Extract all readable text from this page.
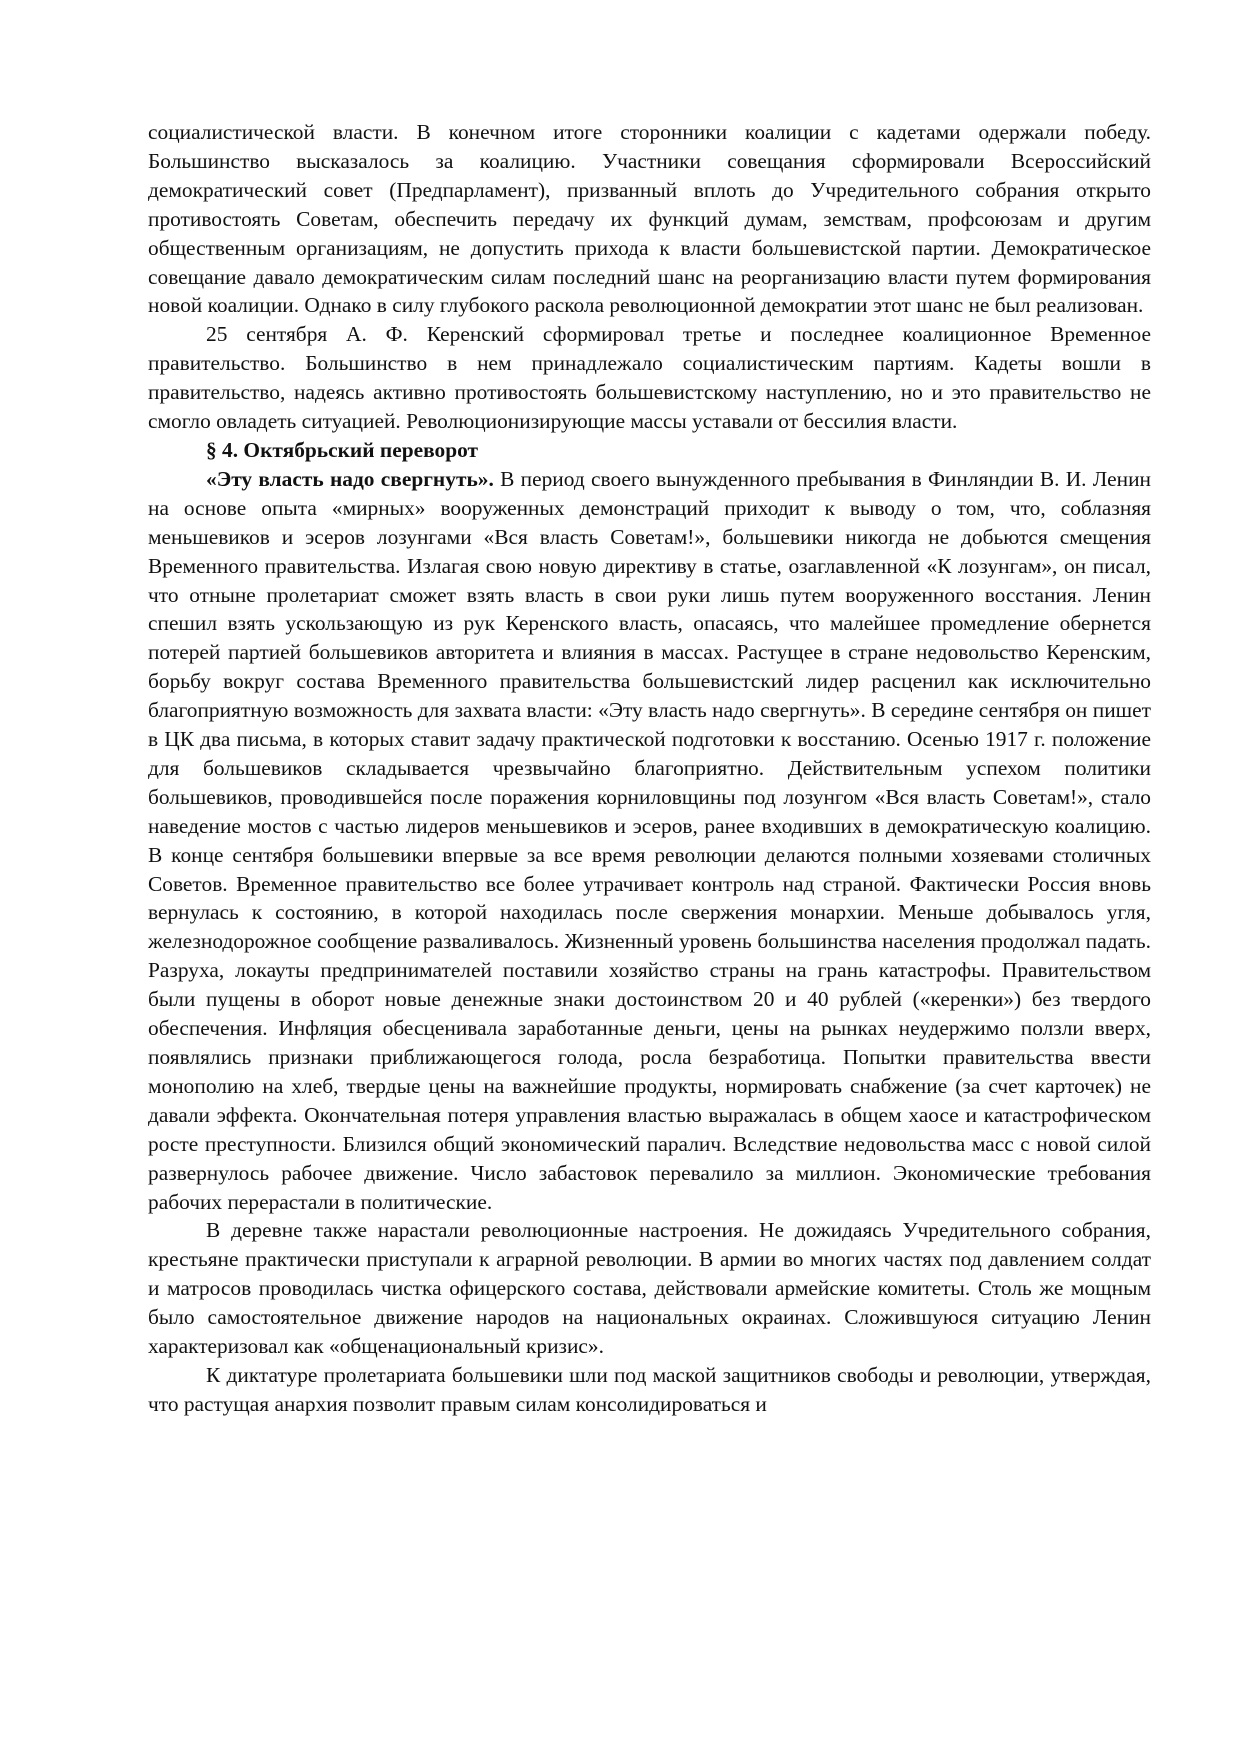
социалистической власти. В конечном итоге сторонники коалиции с кадетами одержали победу. Большинство высказалось за коалицию. Участники совещания сформировали Всероссийский демократический совет (Предпарламент), призванный вплоть до Учредительного собрания открыто противостоять Советам, обеспечить передачу их функций думам, земствам, профсоюзам и другим общественным организациям, не допустить прихода к власти большевистской партии. Демократическое совещание давало демократическим силам последний шанс на реорганизацию власти путем формирования новой коалиции. Однако в силу глубокого раскола революционной демократии этот шанс не был реализован.

25 сентября А. Ф. Керенский сформировал третье и последнее коалиционное Временное правительство. Большинство в нем принадлежало социалистическим партиям. Кадеты вошли в правительство, надеясь активно противостоять большевистскому наступлению, но и это правительство не смогло овладеть ситуацией. Революционизирующие массы уставали от бессилия власти.

§ 4. Октябрьский переворот

«Эту власть надо свергнуть». В период своего вынужденного пребывания в Финляндии В. И. Ленин на основе опыта «мирных» вооруженных демонстраций приходит к выводу о том, что, соблазняя меньшевиков и эсеров лозунгами «Вся власть Советам!», большевики никогда не добьются смещения Временного правительства. Излагая свою новую директиву в статье, озаглавленной «К лозунгам», он писал, что отныне пролетариат сможет взять власть в свои руки лишь путем вооруженного восстания. Ленин спешил взять ускользающую из рук Керенского власть, опасаясь, что малейшее промедление обернется потерей партией большевиков авторитета и влияния в массах. Растущее в стране недовольство Керенским, борьбу вокруг состава Временного правительства большевистский лидер расценил как исключительно благоприятную возможность для захвата власти: «Эту власть надо свергнуть». В середине сентября он пишет в ЦК два письма, в которых ставит задачу практической подготовки к восстанию. Осенью 1917 г. положение для большевиков складывается чрезвычайно благоприятно. Действительным успехом политики большевиков, проводившейся после поражения корниловщины под лозунгом «Вся власть Советам!», стало наведение мостов с частью лидеров меньшевиков и эсеров, ранее входивших в демократическую коалицию. В конце сентября большевики впервые за все время революции делаются полными хозяевами столичных Советов. Временное правительство все более утрачивает контроль над страной. Фактически Россия вновь вернулась к состоянию, в которой находилась после свержения монархии. Меньше добывалось угля, железнодорожное сообщение разваливалось. Жизненный уровень большинства населения продолжал падать. Разруха, локауты предпринимателей поставили хозяйство страны на грань катастрофы. Правительством были пущены в оборот новые денежные знаки достоинством 20 и 40 рублей («керенки») без твердого обеспечения. Инфляция обесценивала заработанные деньги, цены на рынках неудержимо ползли вверх, появлялись признаки приближающегося голода, росла безработица. Попытки правительства ввести монополию на хлеб, твердые цены на важнейшие продукты, нормировать снабжение (за счет карточек) не давали эффекта. Окончательная потеря управления властью выражалась в общем хаосе и катастрофическом росте преступности. Близился общий экономический паралич. Вследствие недовольства масс с новой силой развернулось рабочее движение. Число забастовок перевалило за миллион. Экономические требования рабочих перерастали в политические.

В деревне также нарастали революционные настроения. Не дожидаясь Учредительного собрания, крестьяне практически приступали к аграрной революции. В армии во многих частях под давлением солдат и матросов проводилась чистка офицерского состава, действовали армейские комитеты. Столь же мощным было самостоятельное движение народов на национальных окраинах. Сложившуюся ситуацию Ленин характеризовал как «общенациональный кризис».

К диктатуре пролетариата большевики шли под маской защитников свободы и революции, утверждая, что растущая анархия позволит правым силам консолидироваться и
